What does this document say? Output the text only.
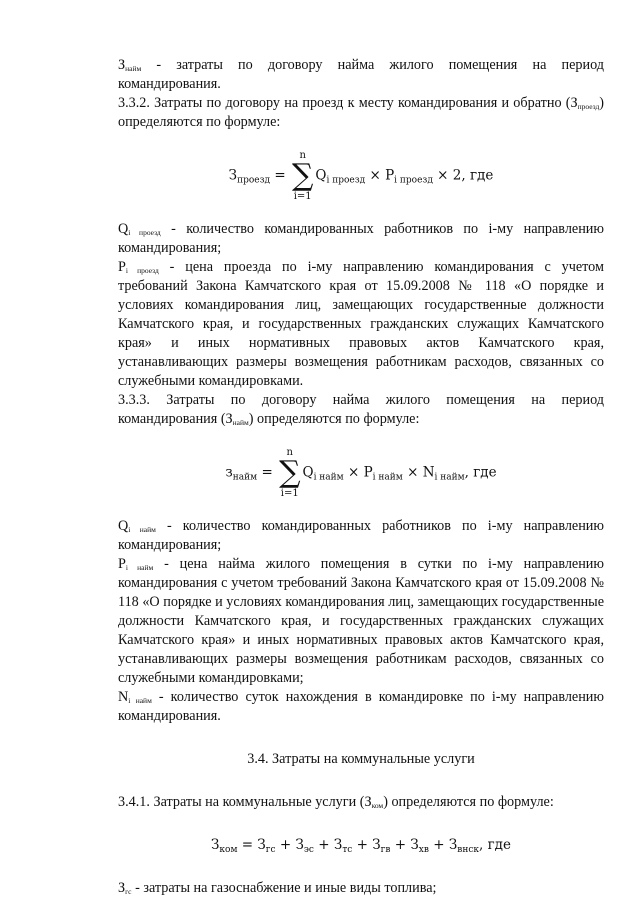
$З_{найм}$ - затраты по договору найма жилого помещения на период командирования.

3.3.2. Затраты по договору на проезд к месту командирования и обратно $(З_{проезд})$ определяются по формуле:

$З_{проезд}$ =
n
∑
i=1
$Q_{i проезд} \times P_{i проезд} \times 2$, где

$Q_{i проезд}$ - количество командированных работников по i-му направлению командирования;

$P_{i проезд}$ - цена проезда по i-му направлению командирования с учетом требований Закона Камчатского края от 15.09.2008 № 118 «О порядке и условиях командирования лиц, замещающих государственные должности Камчатского края, и государственных гражданских служащих Камчатского края» и иных нормативных правовых актов Камчатского края, устанавливающих размеры возмещения работникам расходов, связанных со служебными командировками.

3.3.3. Затраты по договору найма жилого помещения на период командирования $(З_{найм})$ определяются по формуле:

$з_{найм}$ =
n
∑
i=1
$Q_{i найм} \times P_{i найм} \times N_{i найм}$, где

$Q_{i найм}$ - количество командированных работников по i-му направлению командирования;

$P_{i найм}$ - цена найма жилого помещения в сутки по i-му направлению командирования с учетом требований Закона Камчатского края от 15.09.2008 № 118 «О порядке и условиях командирования лиц, замещающих государственные должности Камчатского края, и государственных гражданских служащих Камчатского края» и иных нормативных правовых актов Камчатского края, устанавливающих размеры возмещения работникам расходов, связанных со служебными командировками;

$N_{i найм}$ - количество суток нахождения в командировке по i-му направлению командирования.

3.4. Затраты на коммунальные услуги

3.4.1. Затраты на коммунальные услуги $(З_{ком})$ определяются по формуле:

$З_{ком} = З_{гс} + З_{эс} + З_{тс} + З_{гв} + З_{хв} + З_{внск}$, где

$З_{гс}$ - затраты на газоснабжение и иные виды топлива;
